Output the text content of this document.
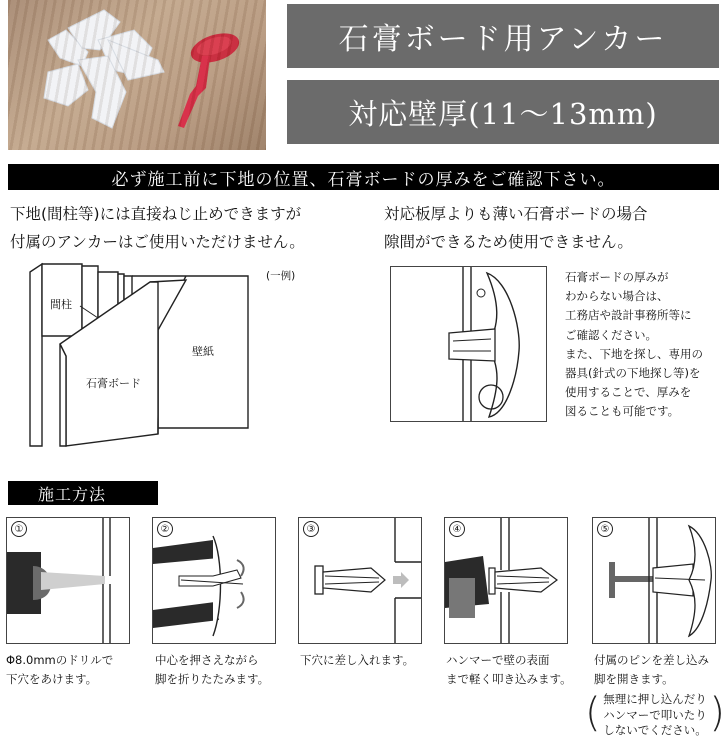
石膏ボード用アンカー
対応壁厚(11～13mm)
必ず施工前に下地の位置、石膏ボードの厚みをご確認下さい。
下地(間柱等)には直接ねじ止めできますが
付属のアンカーはご使用いただけません。
対応板厚よりも薄い石膏ボードの場合
隙間ができるため使用できません。
(一例)
間柱
壁紙
石膏ボード
石膏ボードの厚みが
わからない場合は、
工務店や設計事務所等に
ご確認ください。
また、下地を探し、専用の
器具(針式の下地探し等)を
使用することで、厚みを
図ることも可能です。
施工方法
①	②	③	④	⑤
Φ8.0mmのドリルで
下穴をあけます。
中心を押さえながら
脚を折りたたみます。
下穴に差し入れます。	ハンマーで壁の表面
まで軽く叩き込みます。
付属のピンを差し込み
脚を開きます。
( 無理に押し込んだり
ハンマーで叩いたり
しないでください。 )
